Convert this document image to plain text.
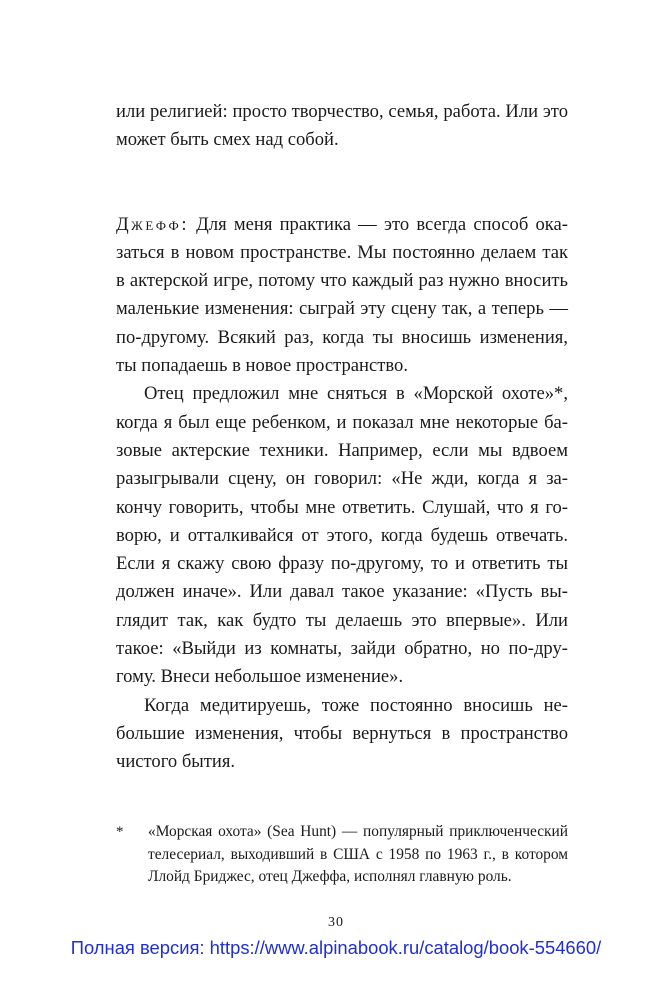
или религией: просто творчество, семья, работа. Или это может быть смех над собой.

Джефф: Для меня практика — это всегда способ оказаться в новом пространстве. Мы постоянно делаем так в актерской игре, потому что каждый раз нужно вносить маленькие изменения: сыграй эту сцену так, а теперь — по-другому. Всякий раз, когда ты вносишь изменения, ты попадаешь в новое пространство.

Отец предложил мне сняться в «Морской охоте»*, когда я был еще ребенком, и показал мне некоторые базовые актерские техники. Например, если мы вдвоем разыгрывали сцену, он говорил: «Не жди, когда я закончу говорить, чтобы мне ответить. Слушай, что я говорю, и отталкивайся от этого, когда будешь отвечать. Если я скажу свою фразу по-другому, то и ответить ты должен иначе». Или давал такое указание: «Пусть выглядит так, как будто ты делаешь это впервые». Или такое: «Выйди из комнаты, зайди обратно, но по-другому. Внеси небольшое изменение».

Когда медитируешь, тоже постоянно вносишь небольшие изменения, чтобы вернуться в пространство чистого бытия.

*	«Морская охота» (Sea Hunt) — популярный приключенческий телесериал, выходивший в США с 1958 по 1963 г., в котором Ллойд Бриджес, отец Джеффа, исполнял главную роль.

30
Полная версия: https://www.alpinabook.ru/catalog/book-554660/
